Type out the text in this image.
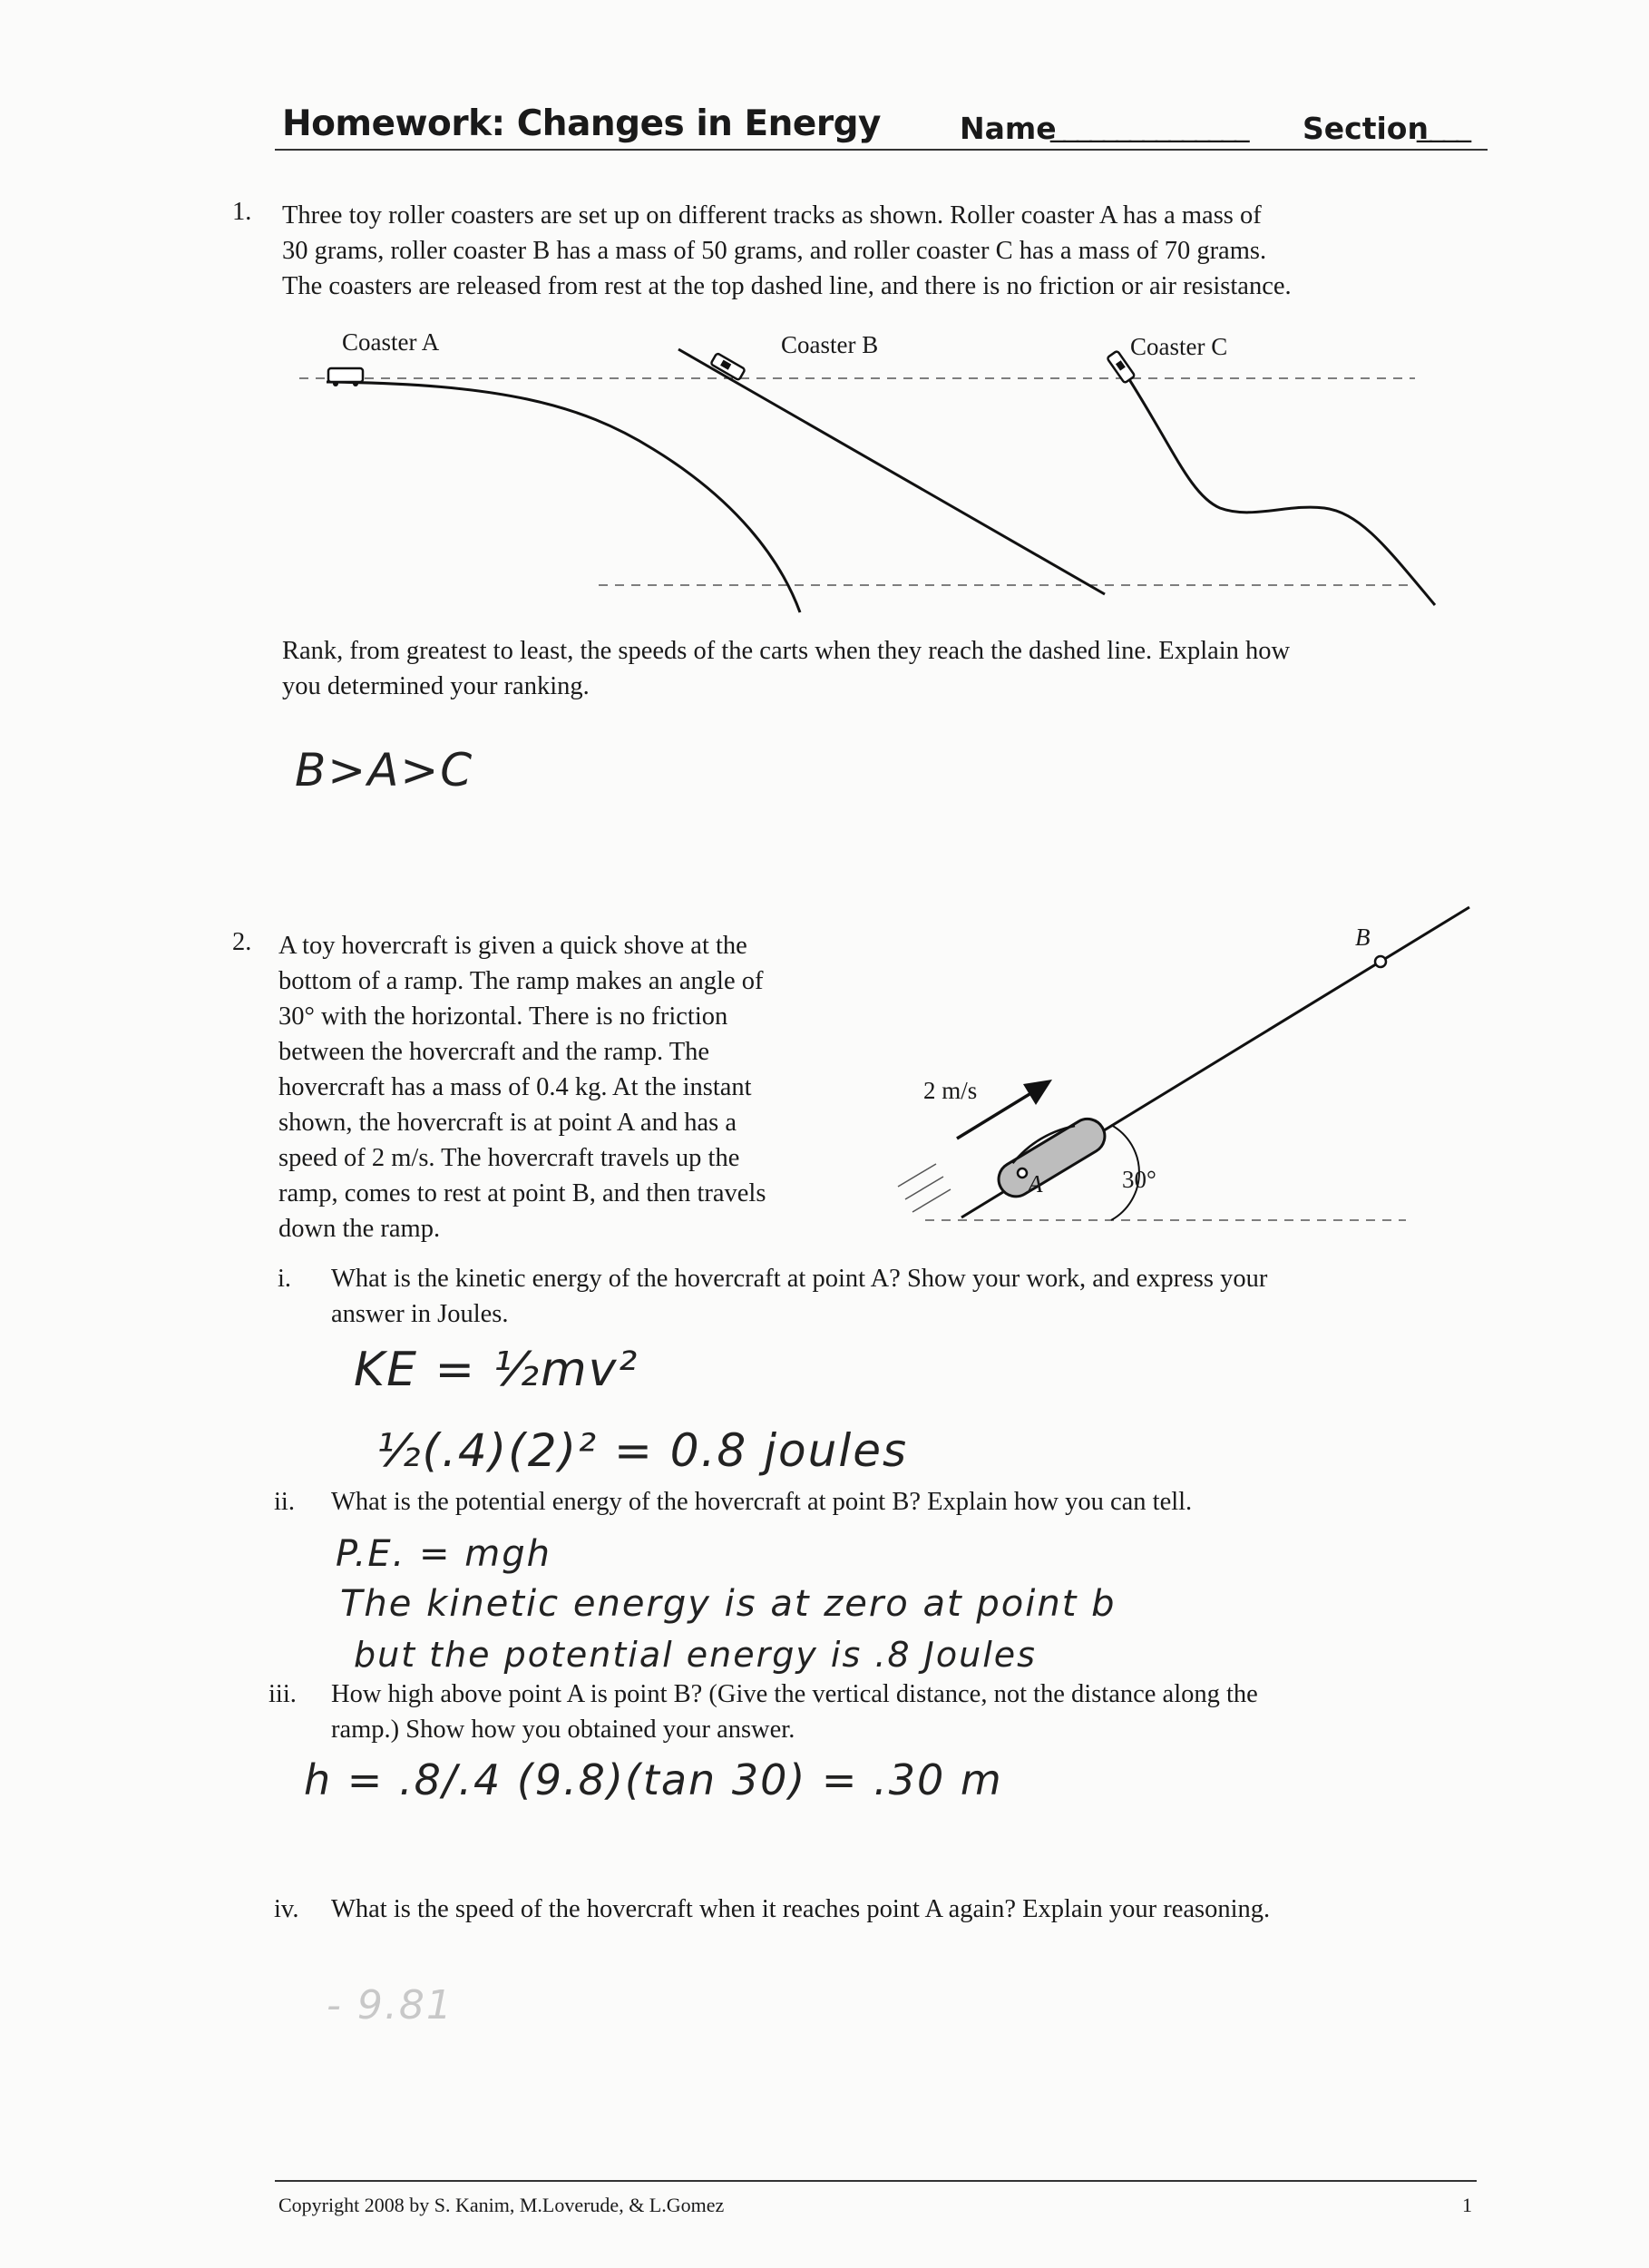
Homework: Changes in Energy	Name
_______________ Section
____
1. Three toy roller coasters are set up on different tracks as shown. Roller coaster A has a mass of
30 grams, roller coaster B has a mass of 50 grams, and roller coaster C has a mass of 70 grams.
The coasters are released from rest at the top dashed line, and there is no friction or air resistance.
Coaster A	Coaster B	Coaster C
Rank, from greatest to least, the speeds of the carts when they reach the dashed line. Explain how
you determined your ranking.
B>A>C
2. A toy hovercraft is given a quick shove at the
bottom of a ramp. The ramp makes an angle of
30° with the horizontal. There is no friction
between the hovercraft and the ramp. The
hovercraft has a mass of 0.4 kg. At the instant
shown, the hovercraft is at point A and has a
speed of 2 m/s. The hovercraft travels up the
ramp, comes to rest at point B, and then travels
down the ramp.
2 m/s
A
B
30°
i. What is the kinetic energy of the hovercraft at point A? Show your work, and express your
answer in Joules.
KE = ½mv²
½(.4)(2)² = 0.8 joules
ii. What is the potential energy of the hovercraft at point B? Explain how you can tell.
P.E. = mgh
The kinetic energy is at zero at point b
but the potential energy is .8 Joules
iii. How high above point A is point B? (Give the vertical distance, not the distance along the
ramp.) Show how you obtained your answer.
h = .8/.4 (9.8)(tan 30) = .30 m
iv. What is the speed of the hovercraft when it reaches point A again? Explain your reasoning.
- 9.81
Copyright 2008 by S. Kanim, M.Loverude, & L.Gomez	1
